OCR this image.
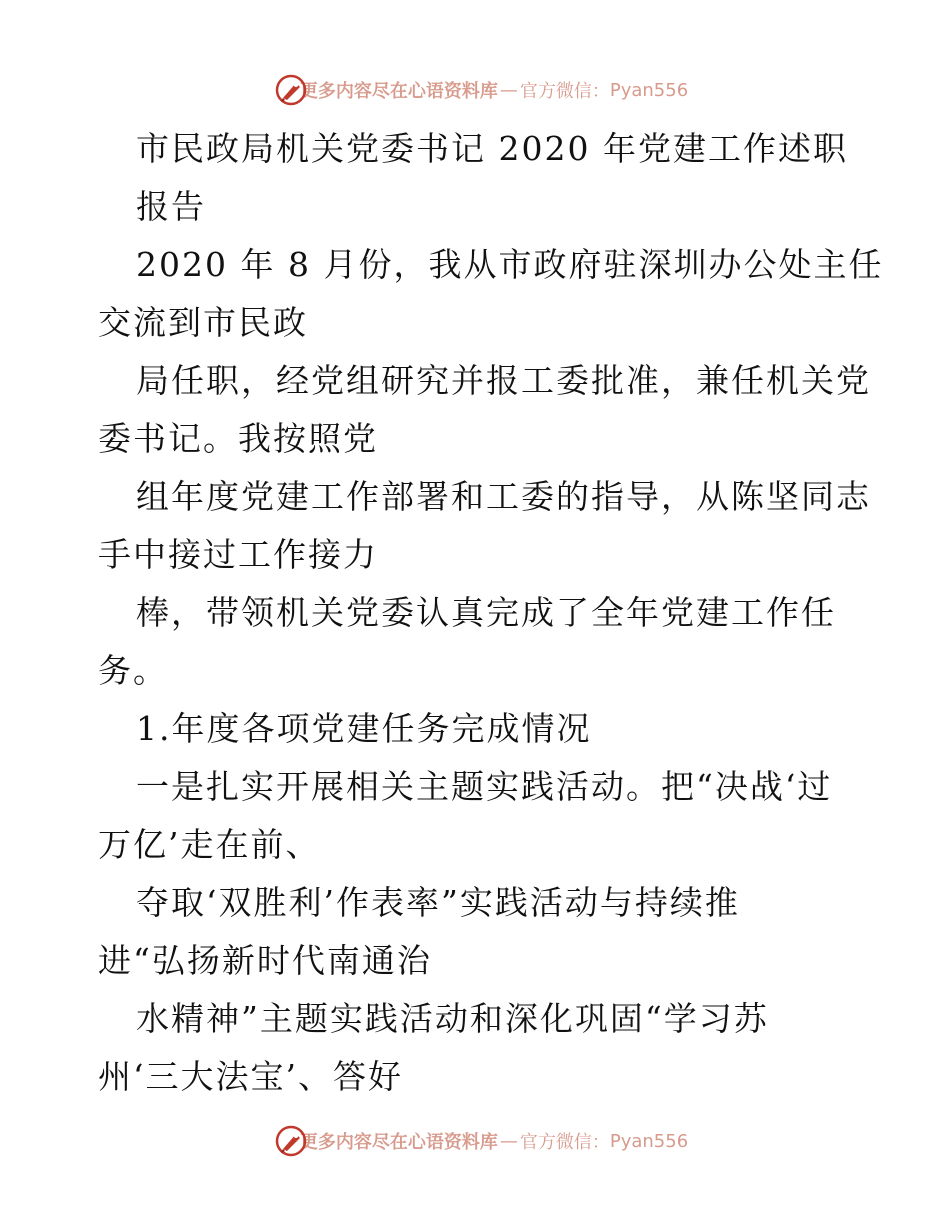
更多内容尽在心语资料库 — 官方微信： Pyan556
市民政局机关党委书记 2020 年党建工作述职
报告
2020 年 8 月份，我从市政府驻深圳办公处主任
交流到市民政
局任职，经党组研究并报工委批准，兼任机关党
委书记。我按照党
组年度党建工作部署和工委的指导，从陈坚同志
手中接过工作接力
棒，带领机关党委认真完成了全年党建工作任
务。
1.年度各项党建任务完成情况
一是扎实开展相关主题实践活动。把“决战‘过
万亿’走在前、
夺取‘双胜利’作表率”实践活动与持续推
进“弘扬新时代南通治
水精神”主题实践活动和深化巩固“学习苏
州‘三大法宝’、答好
更多内容尽在心语资料库 — 官方微信： Pyan556
